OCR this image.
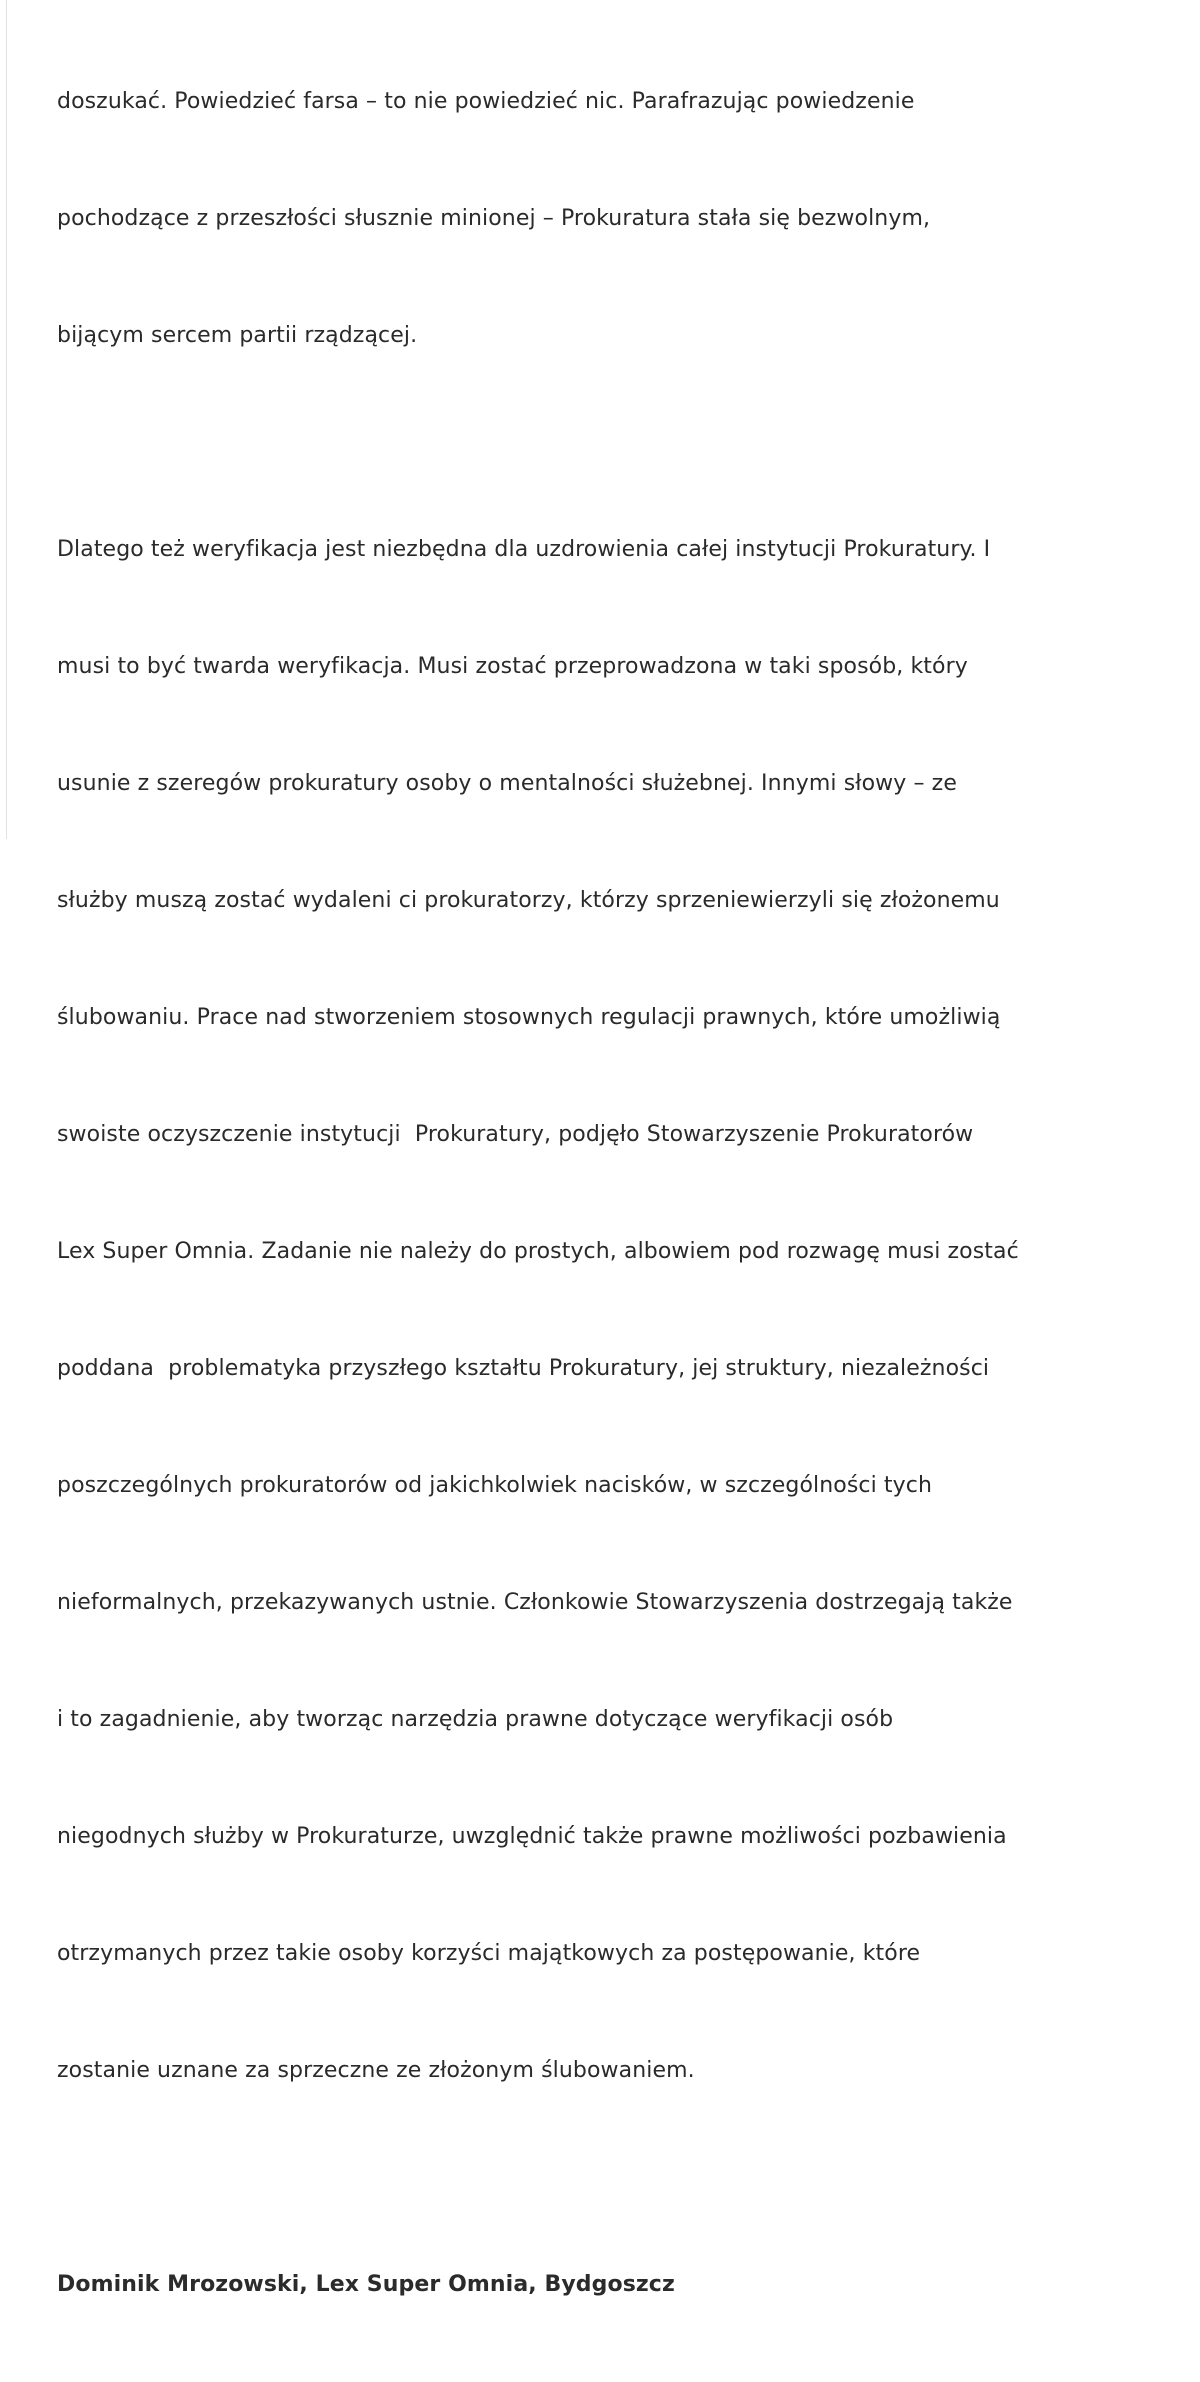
doszukać. Powiedzieć farsa – to nie powiedzieć nic. Parafrazując powiedzenie

pochodzące z przeszłości słusznie minionej – Prokuratura stała się bezwolnym,

bijącym sercem partii rządzącej.

Dlatego też weryfikacja jest niezbędna dla uzdrowienia całej instytucji Prokuratury. I

musi to być twarda weryfikacja. Musi zostać przeprowadzona w taki sposób, który

usunie z szeregów prokuratury osoby o mentalności służebnej. Innymi słowy – ze

służby muszą zostać wydaleni ci prokuratorzy, którzy sprzeniewierzyli się złożonemu

ślubowaniu. Prace nad stworzeniem stosownych regulacji prawnych, które umożliwią

swoiste oczyszczenie instytucji  Prokuratury, podjęło Stowarzyszenie Prokuratorów

Lex Super Omnia. Zadanie nie należy do prostych, albowiem pod rozwagę musi zostać

poddana  problematyka przyszłego kształtu Prokuratury, jej struktury, niezależności

poszczególnych prokuratorów od jakichkolwiek nacisków, w szczególności tych

nieformalnych, przekazywanych ustnie. Członkowie Stowarzyszenia dostrzegają także

i to zagadnienie, aby tworząc narzędzia prawne dotyczące weryfikacji osób

niegodnych służby w Prokuraturze, uwzględnić także prawne możliwości pozbawienia

otrzymanych przez takie osoby korzyści majątkowych za postępowanie, które

zostanie uznane za sprzeczne ze złożonym ślubowaniem.

Dominik Mrozowski, Lex Super Omnia, Bydgoszcz
